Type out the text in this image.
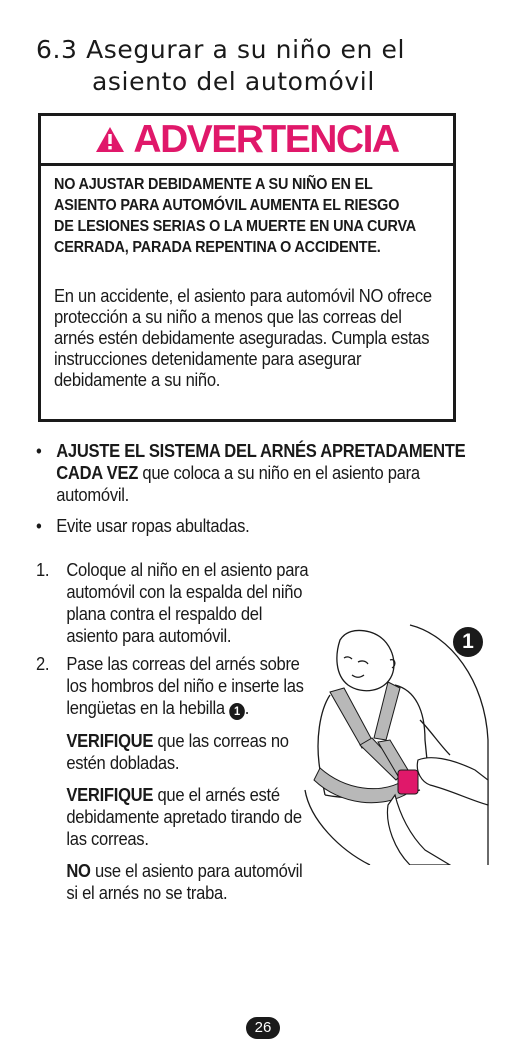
6.3 Asegurar a su niño en el
asiento del automóvil
ADVERTENCIA
NO AJUSTAR DEBIDAMENTE A SU NIÑO EN EL ASIENTO PARA AUTOMÓVIL AUMENTA EL RIESGO DE LESIONES SERIAS O LA MUERTE EN UNA CURVA CERRADA, PARADA REPENTINA O ACCIDENTE.
En un accidente, el asiento para automóvil NO ofrece protección a su niño a menos que las correas del arnés estén debidamente aseguradas. Cumpla estas instrucciones detenidamente para asegurar debidamente a su niño.
• AJUSTE EL SISTEMA DEL ARNÉS APRETADAMENTE CADA VEZ que coloca a su niño en el asiento para automóvil.
• Evite usar ropas abultadas.
1. Coloque al niño en el asiento para automóvil con la espalda del niño plana contra el respaldo del asiento para automóvil.
2. Pase las correas del arnés sobre los hombros del niño e inserte las lengüetas en la hebilla 1 .
VERIFIQUE que las correas no estén dobladas.
VERIFIQUE que el arnés esté debidamente apretado tirando de las correas.
NO use el asiento para automóvil si el arnés no se traba.
1
26
